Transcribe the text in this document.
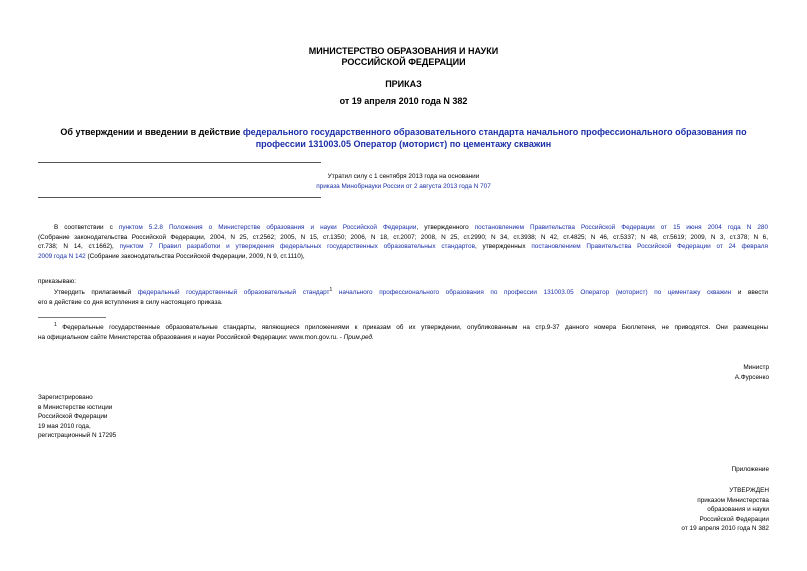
МИНИСТЕРСТВО ОБРАЗОВАНИЯ И НАУКИ
РОССИЙСКОЙ ФЕДЕРАЦИИ
ПРИКАЗ
от 19 апреля 2010 года N 382
Об утверждении и введении в действие федерального государственного образовательного стандарта начального профессионального образования по
профессии 131003.05 Оператор (моторист) по цементажу скважин
Утратил силу с 1 сентября 2013 года на основании
приказа Минобрнауки России от 2 августа 2013 года N 707
В соответствии с пунктом 5.2.8 Положения о Министерстве образования и науки Российской Федерации, утвержденного постановлением Правительства Российской Федерации от 15 июня 2004 года N 280
(Собрание законодательства Российской Федерации, 2004, N 25, ст.2562; 2005, N 15, ст.1350; 2006, N 18, ст.2007; 2008, N 25, ст.2990; N 34, ст.3938; N 42, ст.4825; N 46, ст.5337; N 48, ст.5619; 2009, N 3, ст.378; N 6,
ст.738; N 14, ст.1662), пунктом 7 Правил разработки и утверждения федеральных государственных образовательных стандартов, утвержденных постановлением Правительства Российской Федерации от 24 февраля
2009 года N 142 (Собрание законодательства Российской Федерации, 2009, N 9, ст.1110),
приказываю:
Утвердить прилагаемый федеральный государственный образовательный стандарт$^1$ начального профессионального образования по профессии 131003.05 Оператор (моторист) по цементажу скважин и ввести
его в действие со дня вступления в силу настоящего приказа.
$^1$ Федеральные государственные образовательные стандарты, являющиеся приложениями к приказам об их утверждении, опубликованным на стр.9-37 данного номера Бюллетеня, не приводятся. Они размещены
на официальном сайте Министерства образования и науки Российской Федерации: www.mon.gov.ru. - Прим.ред.
Министр
А.Фурсенко
Зарегистрировано
в Министерстве юстиции
Российской Федерации
19 мая 2010 года,
регистрационный N 17295
Приложение
УТВЕРЖДЕН
приказом Министерства
образования и науки
Российской Федерации
от 19 апреля 2010 года N 382
